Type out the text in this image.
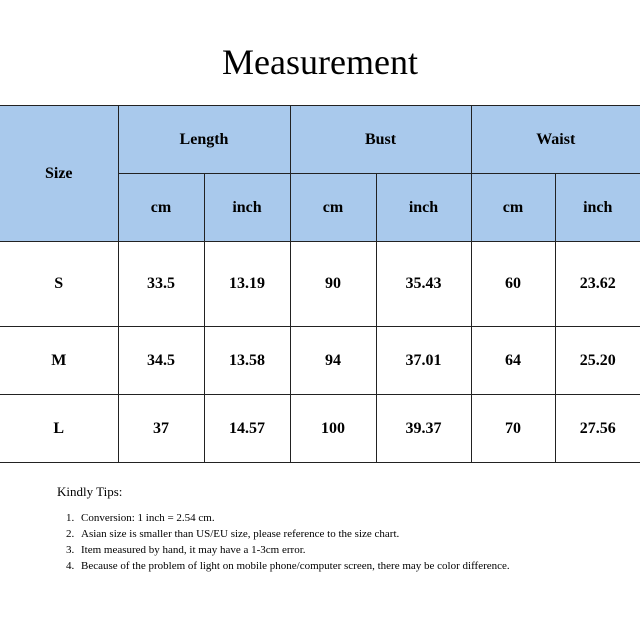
Measurement
Size	Length		Bust		Waist	
	cm	inch	cm	inch	cm	inch
S	33.5	13.19	90	35.43	60	23.62
M	34.5	13.58	94	37.01	64	25.20
L	37	14.57	100	39.37	70	27.56
Kindly Tips:
1. Conversion: 1 inch = 2.54 cm.
2. Asian size is smaller than US/EU size, please reference to the size chart.
3. Item measured by hand, it may have a 1-3cm error.
4. Because of the problem of light on mobile phone/computer screen, there may be color difference.
